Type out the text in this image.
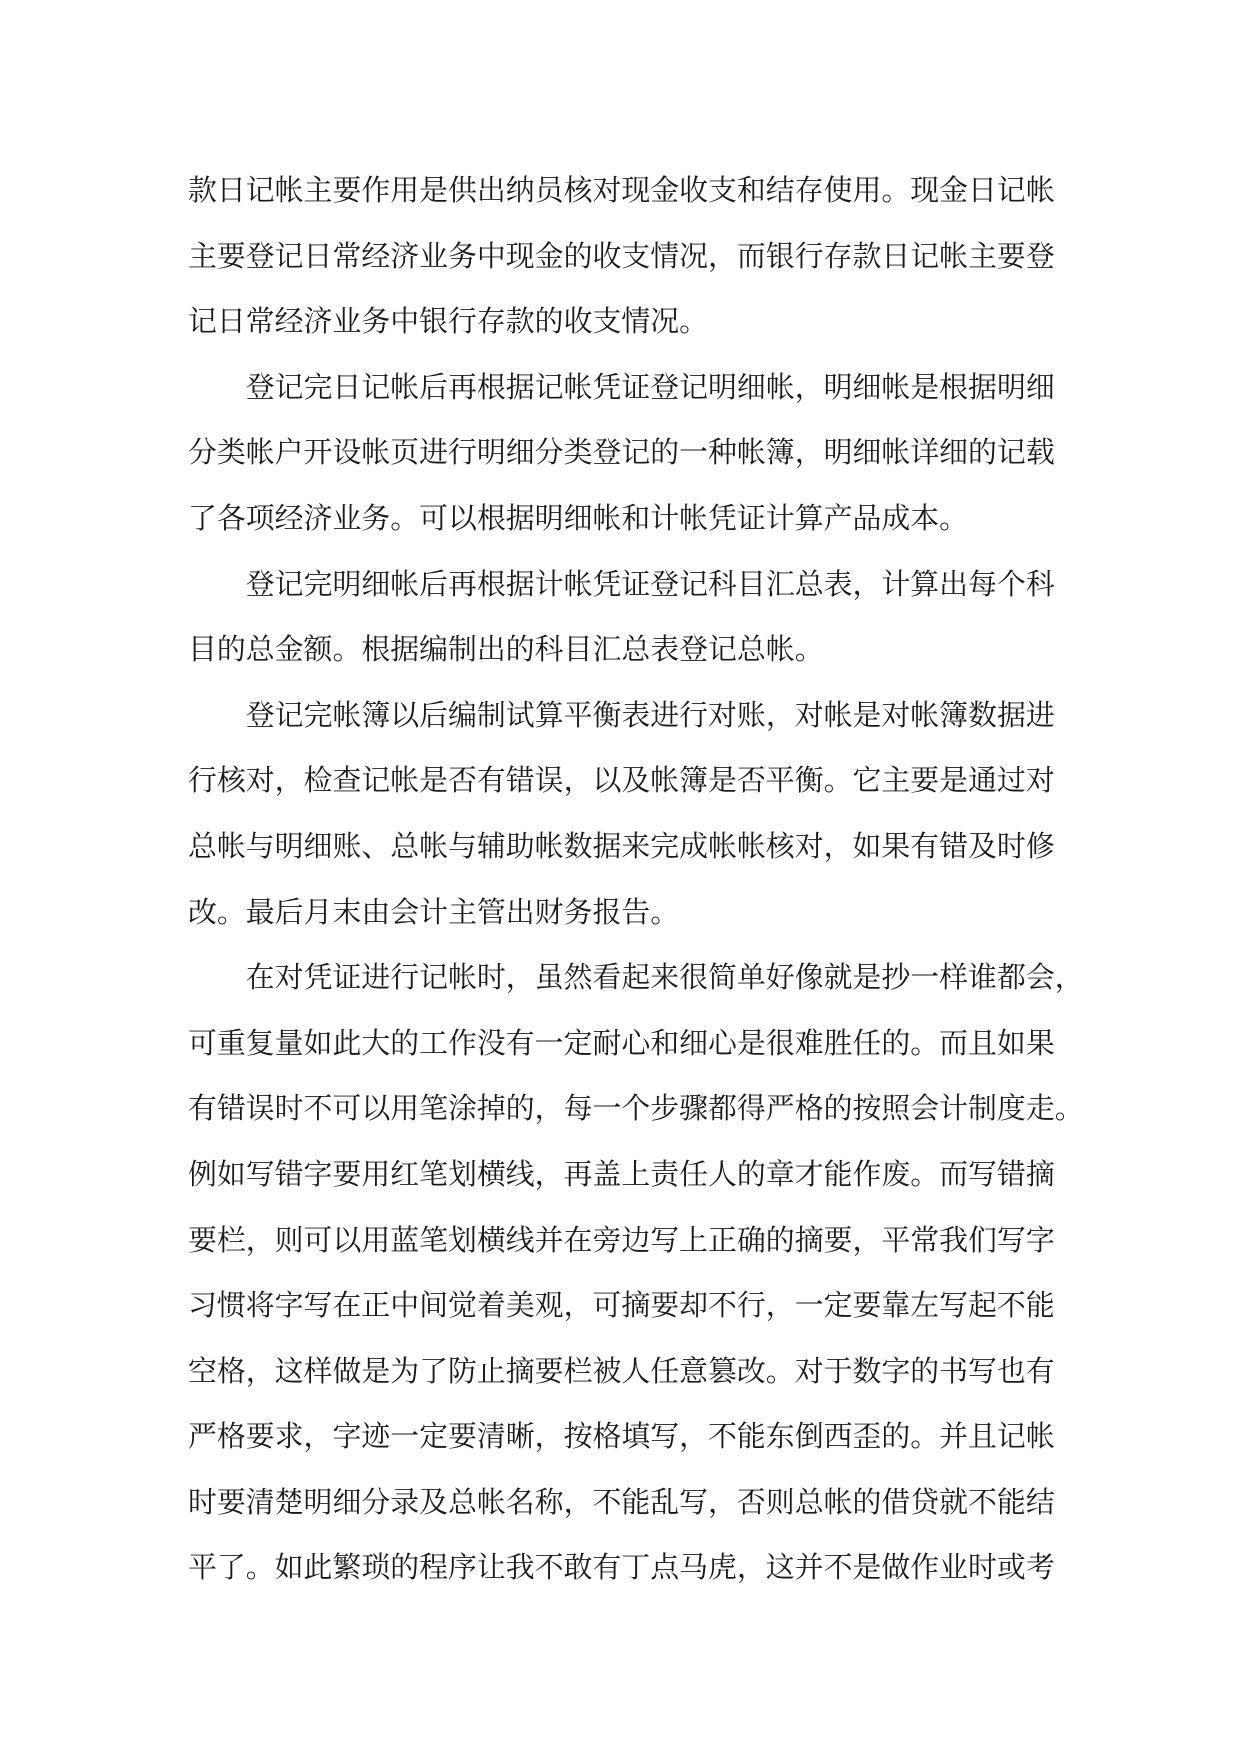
款日记帐主要作用是供出纳员核对现金收支和结存使用。现金日记帐
主要登记日常经济业务中现金的收支情况，而银行存款日记帐主要登
记日常经济业务中银行存款的收支情况。
登记完日记帐后再根据记帐凭证登记明细帐，明细帐是根据明细
分类帐户开设帐页进行明细分类登记的一种帐簿，明细帐详细的记载
了各项经济业务。可以根据明细帐和计帐凭证计算产品成本。
登记完明细帐后再根据计帐凭证登记科目汇总表，计算出每个科
目的总金额。根据编制出的科目汇总表登记总帐。
登记完帐簿以后编制试算平衡表进行对账，对帐是对帐簿数据进
行核对，检查记帐是否有错误，以及帐簿是否平衡。它主要是通过对
总帐与明细账、总帐与辅助帐数据来完成帐帐核对，如果有错及时修
改。最后月末由会计主管出财务报告。
在对凭证进行记帐时，虽然看起来很简单好像就是抄一样谁都会，
可重复量如此大的工作没有一定耐心和细心是很难胜任的。而且如果
有错误时不可以用笔涂掉的，每一个步骤都得严格的按照会计制度走。
例如写错字要用红笔划横线，再盖上责任人的章才能作废。而写错摘
要栏，则可以用蓝笔划横线并在旁边写上正确的摘要，平常我们写字
习惯将字写在正中间觉着美观，可摘要却不行，一定要靠左写起不能
空格，这样做是为了防止摘要栏被人任意篡改。对于数字的书写也有
严格要求，字迹一定要清晰，按格填写，不能东倒西歪的。并且记帐
时要清楚明细分录及总帐名称，不能乱写，否则总帐的借贷就不能结
平了。如此繁琐的程序让我不敢有丁点马虎，这并不是做作业时或考
